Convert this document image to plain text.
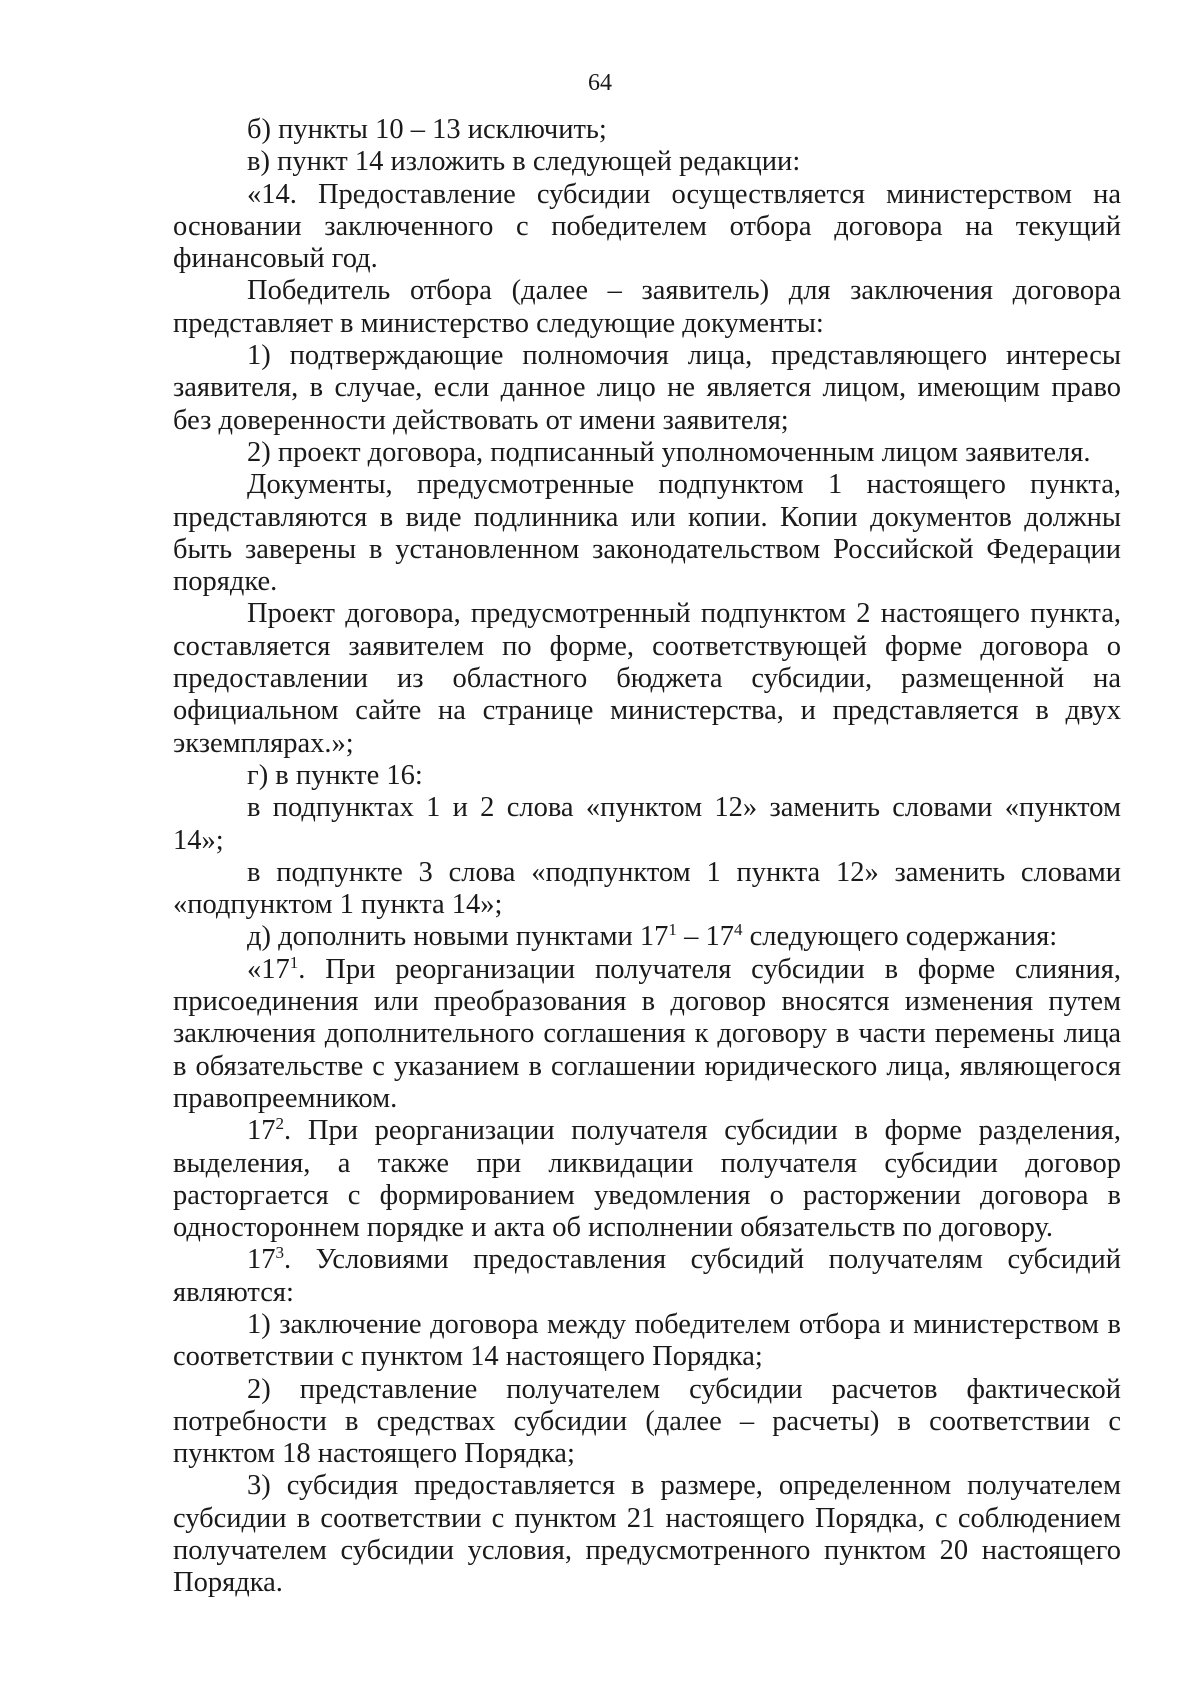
64

б) пункты 10 – 13 исключить;

в) пункт 14 изложить в следующей редакции:

«14. Предоставление субсидии осуществляется министерством на основании заключенного с победителем отбора договора на текущий финансовый год.

Победитель отбора (далее – заявитель) для заключения договора представляет в министерство следующие документы:

1) подтверждающие полномочия лица, представляющего интересы заявителя, в случае, если данное лицо не является лицом, имеющим право без доверенности действовать от имени заявителя;

2) проект договора, подписанный уполномоченным лицом заявителя.

Документы, предусмотренные подпунктом 1 настоящего пункта, представляются в виде подлинника или копии. Копии документов должны быть заверены в установленном законодательством Российской Федерации порядке.

Проект договора, предусмотренный подпунктом 2 настоящего пункта, составляется заявителем по форме, соответствующей форме договора о предоставлении из областного бюджета субсидии, размещенной на официальном сайте на странице министерства, и представляется в двух экземплярах.»;

г) в пункте 16:

в подпунктах 1 и 2 слова «пунктом 12» заменить словами «пунктом 14»;

в подпункте 3 слова «подпунктом 1 пункта 12» заменить словами «подпунктом 1 пункта 14»;

д) дополнить новыми пунктами $17^1 - 17^4$ следующего содержания:

«$17^1$. При реорганизации получателя субсидии в форме слияния, присоединения или преобразования в договор вносятся изменения путем заключения дополнительного соглашения к договору в части перемены лица в обязательстве с указанием в соглашении юридического лица, являющегося правопреемником.

$17^2$. При реорганизации получателя субсидии в форме разделения, выделения, а также при ликвидации получателя субсидии договор расторгается с формированием уведомления о расторжении договора в одностороннем порядке и акта об исполнении обязательств по договору.

$17^3$. Условиями предоставления субсидий получателям субсидий являются:

1) заключение договора между победителем отбора и министерством в соответствии с пунктом 14 настоящего Порядка;

2) представление получателем субсидии расчетов фактической потребности в средствах субсидии (далее – расчеты) в соответствии с пунктом 18 настоящего Порядка;

3) субсидия предоставляется в размере, определенном получателем субсидии в соответствии с пунктом 21 настоящего Порядка, с соблюдением получателем субсидии условия, предусмотренного пунктом 20 настоящего Порядка.
